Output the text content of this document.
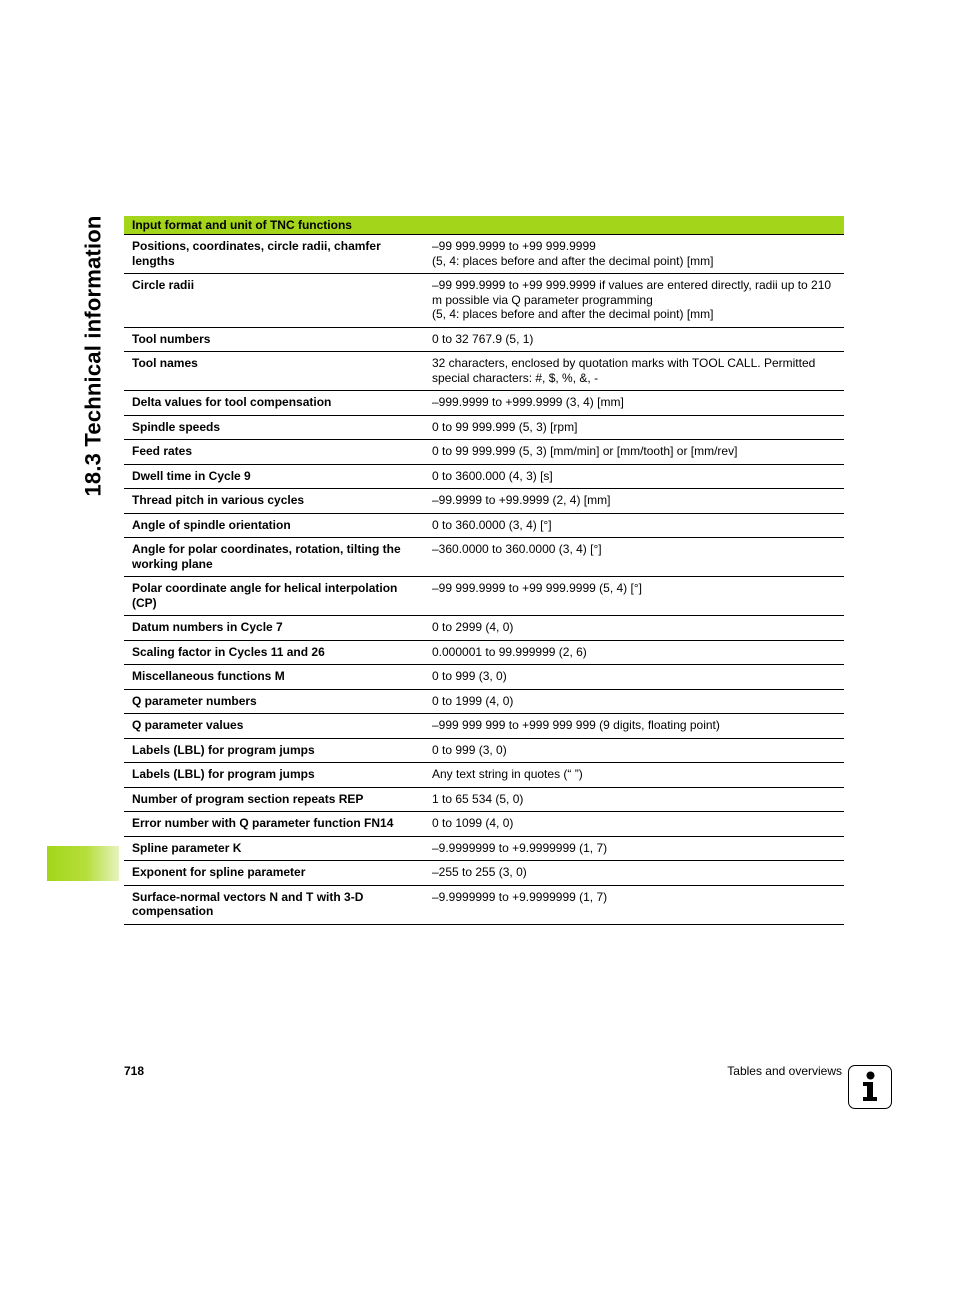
18.3 Technical information Input format and unit of TNC functions	
Positions, coordinates, circle radii, chamfer lengths	–99 999.9999 to +99 999.9999
(5, 4: places before and after the decimal point) [mm]
Circle radii	–99 999.9999 to +99 999.9999 if values are entered directly, radii up to 210 m possible via Q parameter programming
(5, 4: places before and after the decimal point) [mm]
Tool numbers	0 to 32 767.9 (5, 1)
Tool names	32 characters, enclosed by quotation marks with TOOL CALL. Permitted special characters: #, $, %, &, -
Delta values for tool compensation	–999.9999 to +999.9999 (3, 4) [mm]
Spindle speeds	0 to 99 999.999 (5, 3) [rpm]
Feed rates	0 to 99 999.999 (5, 3) [mm/min] or [mm/tooth] or [mm/rev]
Dwell time in Cycle 9	0 to 3600.000 (4, 3) [s]
Thread pitch in various cycles	–99.9999 to +99.9999 (2, 4) [mm]
Angle of spindle orientation	0 to 360.0000 (3, 4) [°]
Angle for polar coordinates, rotation, tilting the working plane	–360.0000 to 360.0000 (3, 4) [°]
Polar coordinate angle for helical interpolation (CP)	–99 999.9999 to +99 999.9999 (5, 4) [°]
Datum numbers in Cycle 7	0 to 2999 (4, 0)
Scaling factor in Cycles 11 and 26	0.000001 to 99.999999 (2, 6)
Miscellaneous functions M	0 to 999 (3, 0)
Q parameter numbers	0 to 1999 (4, 0)
Q parameter values	–999 999 999 to +999 999 999 (9 digits, floating point)
Labels (LBL) for program jumps	0 to 999 (3, 0)
Labels (LBL) for program jumps	Any text string in quotes (“ ”)
Number of program section repeats REP	1 to 65 534 (5, 0)
Error number with Q parameter function FN14	0 to 1099 (4, 0)
Spline parameter K	–9.9999999 to +9.9999999 (1, 7)
Exponent for spline parameter	–255 to 255 (3, 0)
Surface-normal vectors N and T with 3-D compensation	–9.9999999 to +9.9999999 (1, 7)
718	Tables and overviews
